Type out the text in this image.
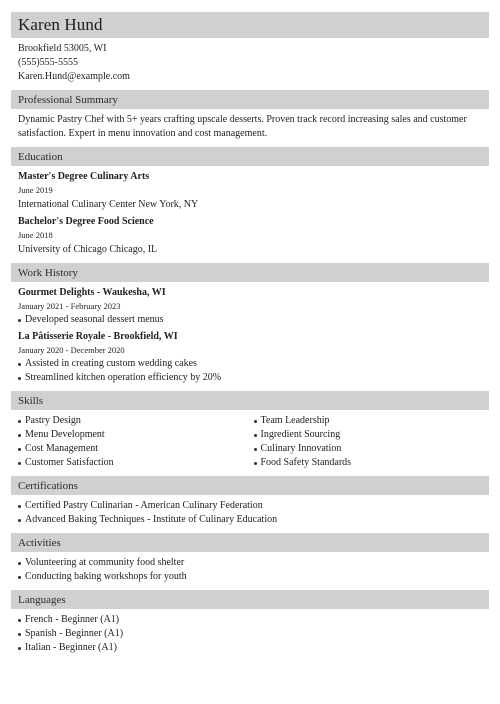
Karen Hund
Brookfield 53005, WI
(555)555-5555
Karen.Hund@example.com
Professional Summary

Dynamic Pastry Chef with 5+ years crafting upscale desserts. Proven track record increasing sales and customer satisfaction. Expert in menu innovation and cost management.

Education
Master's Degree Culinary Arts
June 2019
International Culinary Center New York, NY
Bachelor's Degree Food Science
June 2018
University of Chicago Chicago, IL
Work History
Gourmet Delights - Waukesha, WI
January 2021 - February 2023
Developed seasonal dessert menus
La Pâtisserie Royale - Brookfield, WI
January 2020 - December 2020
Assisted in creating custom wedding cakes
Streamlined kitchen operation efficiency by 20%
Skills
Pastry Design
Menu Development
Cost Management
Customer Satisfaction
Team Leadership
Ingredient Sourcing
Culinary Innovation
Food Safety Standards
Certifications
Certified Pastry Culinarian - American Culinary Federation
Advanced Baking Techniques - Institute of Culinary Education
Activities
Volunteering at community food shelter
Conducting baking workshops for youth
Languages
French - Beginner (A1)
Spanish - Beginner (A1)
Italian - Beginner (A1)
